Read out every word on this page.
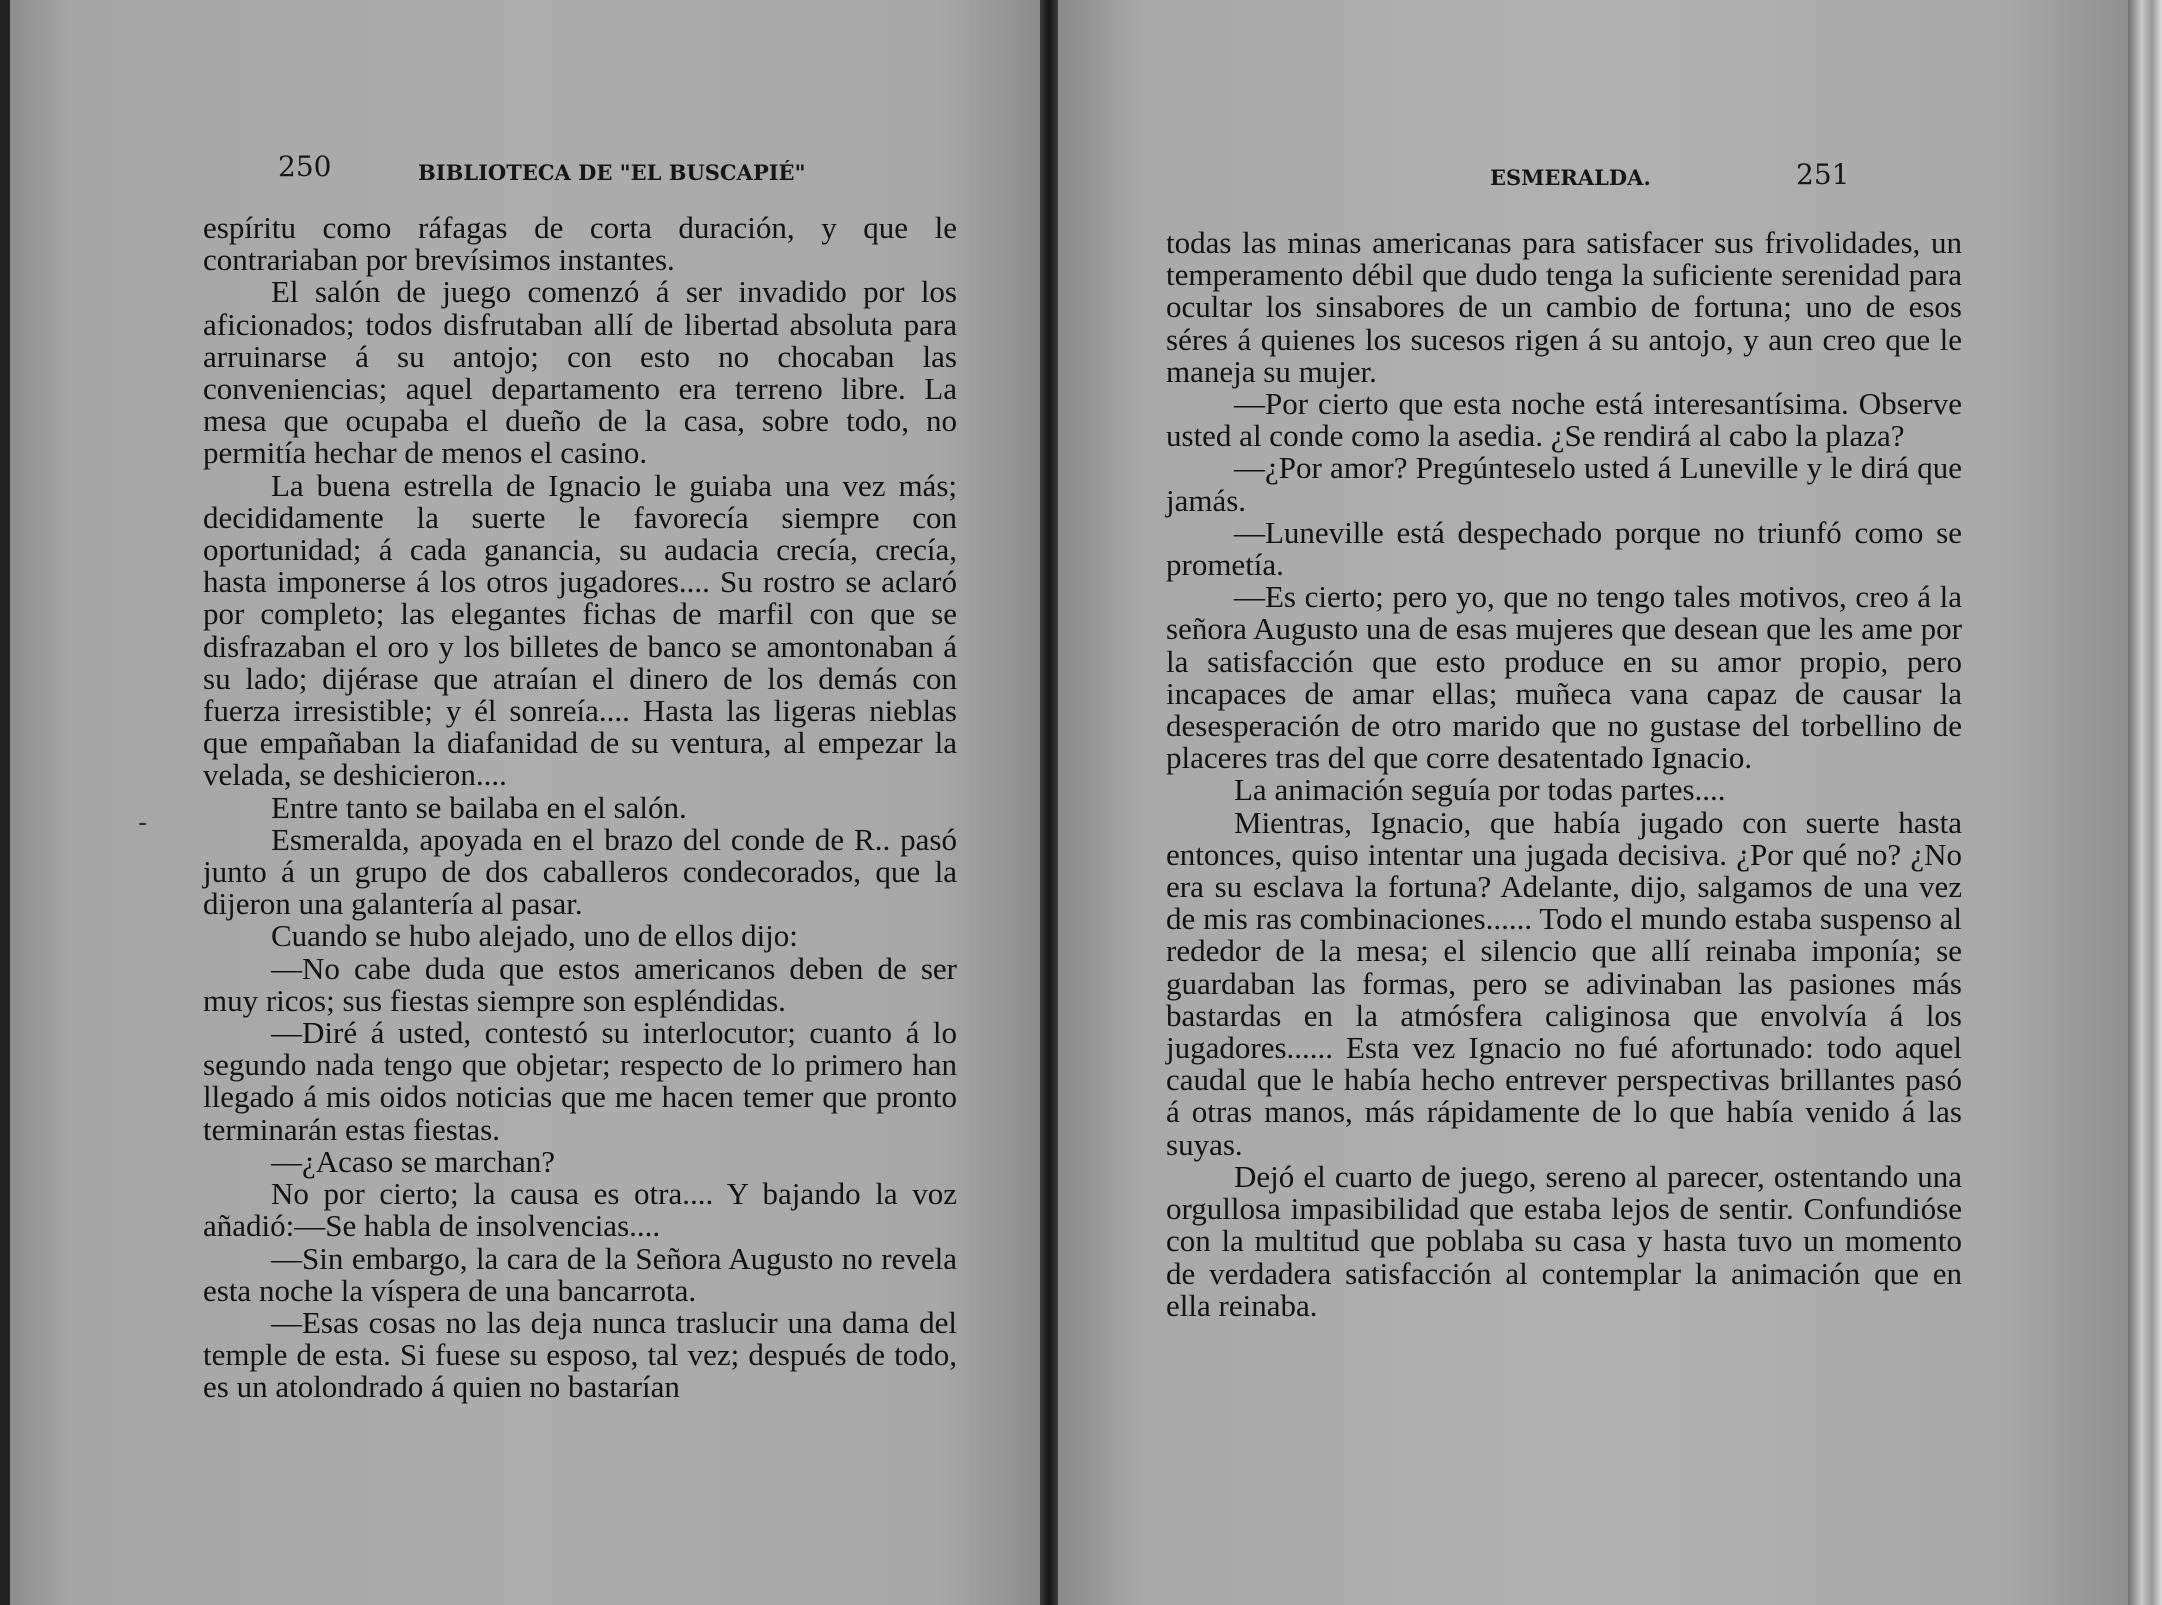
250	BIBLIOTECA DE "EL BUSCAPIÉ"

espíritu como ráfagas de corta duración, y que le contrariaban por brevísimos instantes.

El salón de juego comenzó á ser invadido por los aficionados; todos disfrutaban allí de libertad absoluta para arruinarse á su antojo; con esto no chocaban las conveniencias; aquel departamento era terreno libre. La mesa que ocupaba el dueño de la casa, sobre todo, no permitía hechar de menos el casino.

La buena estrella de Ignacio le guiaba una vez más; decididamente la suerte le favorecía siempre con oportunidad; á cada ganancia, su audacia crecía, crecía, hasta imponerse á los otros jugadores.... Su rostro se aclaró por completo; las elegantes fichas de marfil con que se disfrazaban el oro y los billetes de banco se amontonaban á su lado; dijérase que atraían el dinero de los demás con fuerza irresistible; y él sonreía.... Hasta las ligeras nieblas que empañaban la diafanidad de su ventura, al empezar la velada, se deshicieron....

Entre tanto se bailaba en el salón.

Esmeralda, apoyada en el brazo del conde de R.. pasó junto á un grupo de dos caballeros condecorados, que la dijeron una galantería al pasar.

Cuando se hubo alejado, uno de ellos dijo:

—No cabe duda que estos americanos deben de ser muy ricos; sus fiestas siempre son espléndidas.

—Diré á usted, contestó su interlocutor; cuanto á lo segundo nada tengo que objetar; respecto de lo primero han llegado á mis oidos noticias que me hacen temer que pronto terminarán estas fiestas.

—¿Acaso se marchan?

No por cierto; la causa es otra.... Y bajando la voz añadió:—Se habla de insolvencias....

—Sin embargo, la cara de la Señora Augusto no revela esta noche la víspera de una bancarrota.

—Esas cosas no las deja nunca traslucir una dama del temple de esta. Si fuese su esposo, tal vez; después de todo, es un atolondrado á quien no bastarían

-
ESMERALDA.	251

todas las minas americanas para satisfacer sus frivolidades, un temperamento débil que dudo tenga la suficiente serenidad para ocultar los sinsabores de un cambio de fortuna; uno de esos séres á quienes los sucesos rigen á su antojo, y aun creo que le maneja su mujer.

—Por cierto que esta noche está interesantísima. Observe usted al conde como la asedia. ¿Se rendirá al cabo la plaza?

—¿Por amor? Pregúnteselo usted á Luneville y le dirá que jamás.

—Luneville está despechado porque no triunfó como se prometía.

—Es cierto; pero yo, que no tengo tales motivos, creo á la señora Augusto una de esas mujeres que desean que les ame por la satisfacción que esto produce en su amor propio, pero incapaces de amar ellas; muñeca vana capaz de causar la desesperación de otro marido que no gustase del torbellino de placeres tras del que corre desatentado Ignacio.

La animación seguía por todas partes....

Mientras, Ignacio, que había jugado con suerte hasta entonces, quiso intentar una jugada decisiva. ¿Por qué no? ¿No era su esclava la fortuna? Adelante, dijo, salgamos de una vez de mis ras combinaciones...... Todo el mundo estaba suspenso al rededor de la mesa; el silencio que allí reinaba imponía; se guardaban las formas, pero se adivinaban las pasiones más bastardas en la atmósfera caliginosa que envolvía á los jugadores...... Esta vez Ignacio no fué afortunado: todo aquel caudal que le había hecho entrever perspectivas brillantes pasó á otras manos, más rápidamente de lo que había venido á las suyas.

Dejó el cuarto de juego, sereno al parecer, ostentando una orgullosa impasibilidad que estaba lejos de sentir. Confundióse con la multitud que poblaba su casa y hasta tuvo un momento de verdadera satisfacción al contemplar la animación que en ella reinaba.
